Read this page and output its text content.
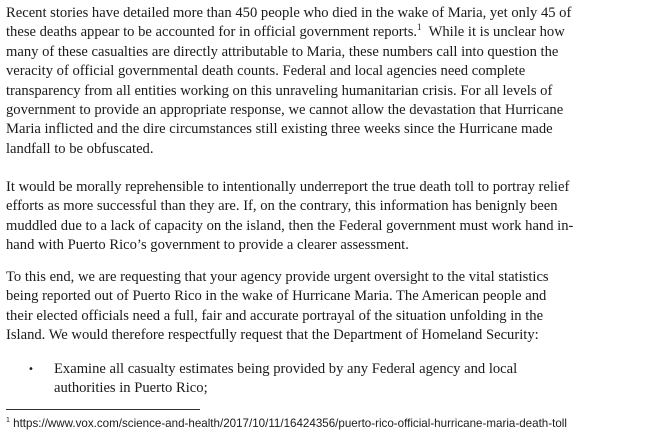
Recent stories have detailed more than 450 people who died in the wake of Maria, yet only 45 of
these deaths appear to be accounted for in official government reports.$^1$  While it is unclear how
many of these casualties are directly attributable to Maria, these numbers call into question the
veracity of official governmental death counts. Federal and local agencies need complete
transparency from all entities working on this unraveling humanitarian crisis. For all levels of
government to provide an appropriate response, we cannot allow the devastation that Hurricane
Maria inflicted and the dire circumstances still existing three weeks since the Hurricane made
landfall to be obfuscated.

It would be morally reprehensible to intentionally underreport the true death toll to portray relief
efforts as more successful than they are. If, on the contrary, this information has benignly been
muddled due to a lack of capacity on the island, then the Federal government must work hand in-
hand with Puerto Rico’s government to provide a clearer assessment.

To this end, we are requesting that your agency provide urgent oversight to the vital statistics
being reported out of Puerto Rico in the wake of Hurricane Maria. The American people and
their elected officials need a full, fair and accurate portrayal of the situation unfolding in the
Island. We would therefore respectfully request that the Department of Homeland Security:

• Examine all casualty estimates being provided by any Federal agency and local
authorities in Puerto Rico;
$^1$ https://www.vox.com/science-and-health/2017/10/11/16424356/puerto-rico-official-hurricane-maria-death-toll
